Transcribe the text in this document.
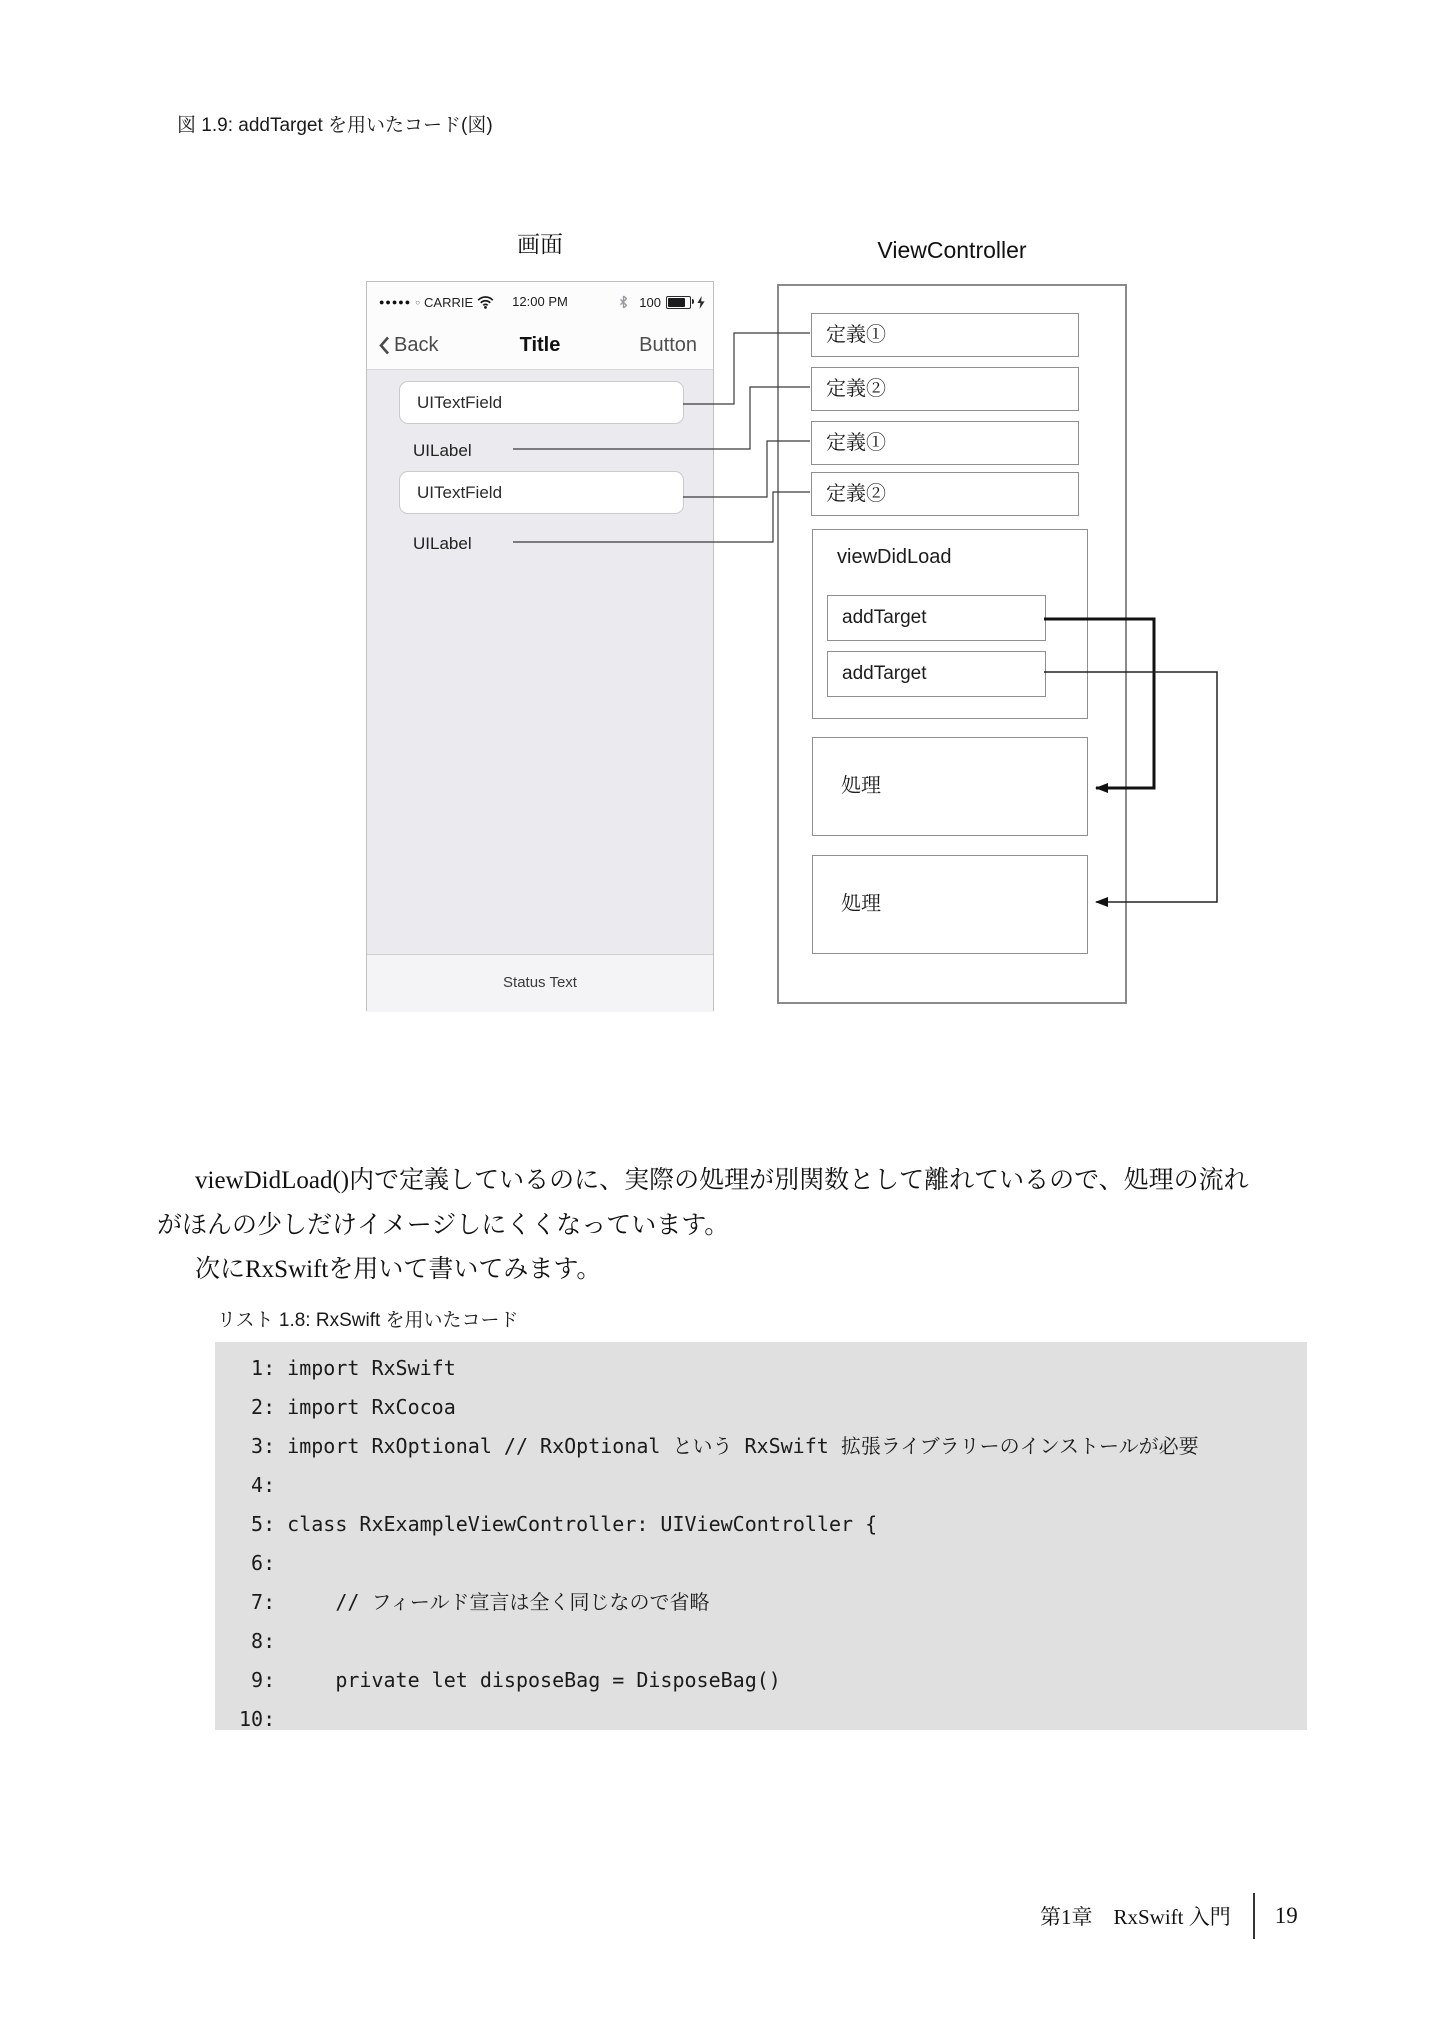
図 1.9: addTarget を用いたコード(図)
画面	ViewController
●●●●● ○ CARRIE	12:00 PM	100
Back	Title	Button
UITextField
UILabel
UITextField
UILabel
Status Text
定義①
定義②
定義①
定義②
viewDidLoad
addTarget
addTarget
処理
処理
viewDidLoad()内で定義しているのに、実際の処理が別関数として離れているので、処理の流れ
がほんの少しだけイメージしにくくなっています。
次にRxSwiftを用いて書いてみます。
リスト 1.8: RxSwift を用いたコード
1: import RxSwift
2: import RxCocoa
3: import RxOptional // RxOptional という RxSwift 拡張ライブラリーのインストールが必要
4:
5: class RxExampleViewController: UIViewController {
6:
7:     // フィールド宣言は全く同じなので省略
8:
9:     private let disposeBag = DisposeBag()
10:
第1章　RxSwift 入門 19
